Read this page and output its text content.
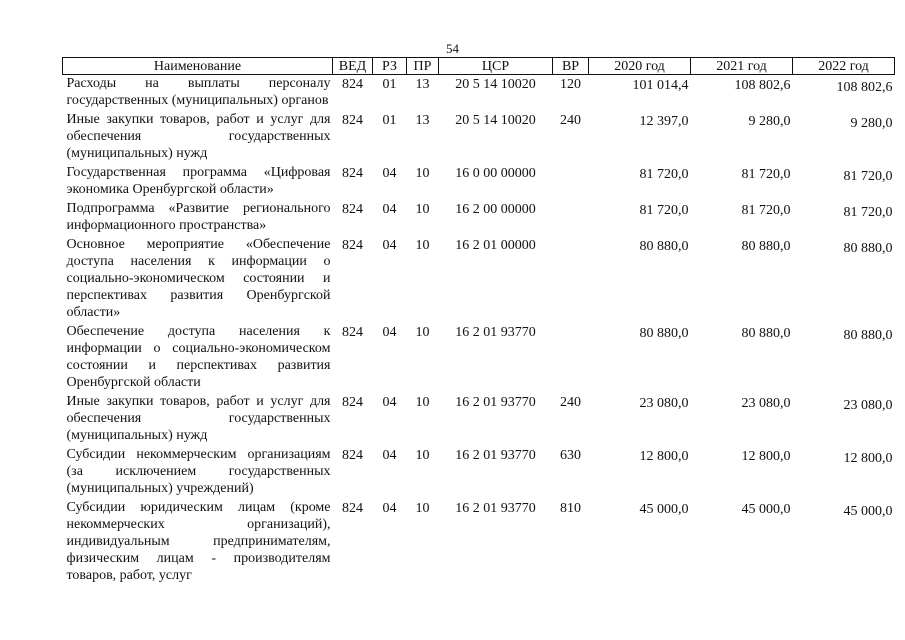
54
Наименование	ВЕД	РЗ	ПР	ЦСР	ВР	2020 год	2021 год	2022 год
Расходы на выплаты персоналу государственных (муниципальных) органов	824	01	13	20 5 14 10020	120	101 014,4	108 802,6	108 802,6
Иные закупки товаров, работ и услуг для обеспечения государственных (муниципальных) нужд	824	01	13	20 5 14 10020	240	12 397,0	9 280,0	9 280,0
Государственная программа «Цифровая экономика Оренбургской области»	824	04	10	16 0 00 00000		81 720,0	81 720,0	81 720,0
Подпрограмма «Развитие регионального информационного пространства»	824	04	10	16 2 00 00000		81 720,0	81 720,0	81 720,0
Основное мероприятие «Обеспечение доступа населения к информации о социально-экономическом состоянии и перспективах развития Оренбургской области»	824	04	10	16 2 01 00000		80 880,0	80 880,0	80 880,0
Обеспечение доступа населения к информации о социально-экономическом состоянии и перспективах развития Оренбургской области	824	04	10	16 2 01 93770		80 880,0	80 880,0	80 880,0
Иные закупки товаров, работ и услуг для обеспечения государственных (муниципальных) нужд	824	04	10	16 2 01 93770	240	23 080,0	23 080,0	23 080,0
Субсидии некоммерческим организациям (за исключением государственных (муниципальных) учреждений)	824	04	10	16 2 01 93770	630	12 800,0	12 800,0	12 800,0
Субсидии юридическим лицам (кроме некоммерческих организаций), индивидуальным предпринимателям, физическим лицам - производителям товаров, работ, услуг	824	04	10	16 2 01 93770	810	45 000,0	45 000,0	45 000,0
